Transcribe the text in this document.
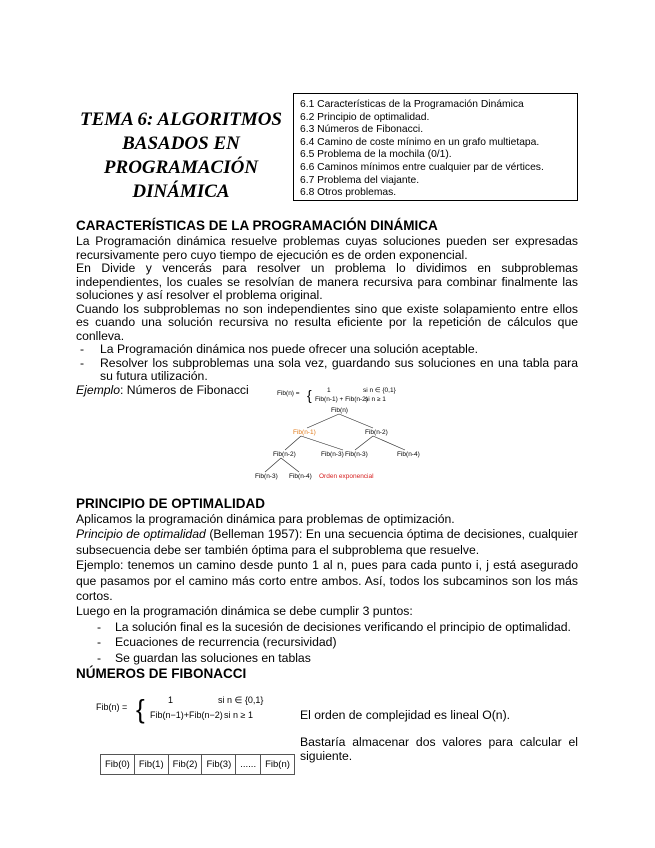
TEMA 6: ALGORITMOS
BASADOS EN
PROGRAMACIÓN
DINÁMICA
6.1 Características de la Programación Dinámica
6.2 Principio de optimalidad.
6.3 Números de Fibonacci.
6.4 Camino de coste mínimo en un grafo multietapa.
6.5 Problema de la mochila (0/1).
6.6 Caminos mínimos entre cualquier par de vértices.
6.7 Problema del viajante.
6.8 Otros problemas.
CARACTERÍSTICAS DE LA PROGRAMACIÓN DINÁMICA

La Programación dinámica resuelve problemas cuyas soluciones pueden ser expresadas recursivamente pero cuyo tiempo de ejecución es de orden exponencial.

En Divide y vencerás para resolver un problema lo dividimos en subproblemas independientes, los cuales se resolvían de manera recursiva para combinar finalmente las soluciones y así resolver el problema original.

Cuando los subproblemas no son independientes sino que existe solapamiento entre ellos es cuando una solución recursiva no resulta eficiente por la repetición de cálculos que conlleva.

- La Programación dinámica nos puede ofrecer una solución aceptable.
- Resolver los subproblemas una sola vez, guardando sus soluciones en una tabla para su futura utilización.

Ejemplo: Números de Fibonacci	Fib(n) = { 1
Fib(n-1) + Fib(n-2)
si n ∈ {0,1}
si n ≥ 1
Fib(n)
Fib(n-1)	Fib(n-2)
Fib(n-2)	Fib(n-3) Fib(n-3)	Fib(n-4)
Fib(n-3) Fib(n-4) Orden exponencial
PRINCIPIO DE OPTIMALIDAD

Aplicamos la programación dinámica para problemas de optimización.

Principio de optimalidad (Belleman 1957): En una secuencia óptima de decisiones, cualquier subsecuencia debe ser también óptima para el subproblema que resuelve.

Ejemplo: tenemos un camino desde punto 1 al n, pues para cada punto i, j está asegurado que pasamos por el camino más corto entre ambos. Así, todos los subcaminos son los más cortos.

Luego en la programación dinámica se debe cumplir 3 puntos:

- La solución final es la sucesión de decisiones verificando el principio de optimalidad.
- Ecuaciones de recurrencia (recursividad)
- Se guardan las soluciones en tablas
NÚMEROS DE FIBONACCI
Fib(n) = {	1	si n ∈ {0,1}
Fib(n−1)+Fib(n−2) si n ≥ 1	El orden de complejidad es lineal O(n).
Bastaría almacenar dos valores para calcular el siguiente.
Fib(0)	Fib(1)	Fib(2)	Fib(3)	......	Fib(n)
